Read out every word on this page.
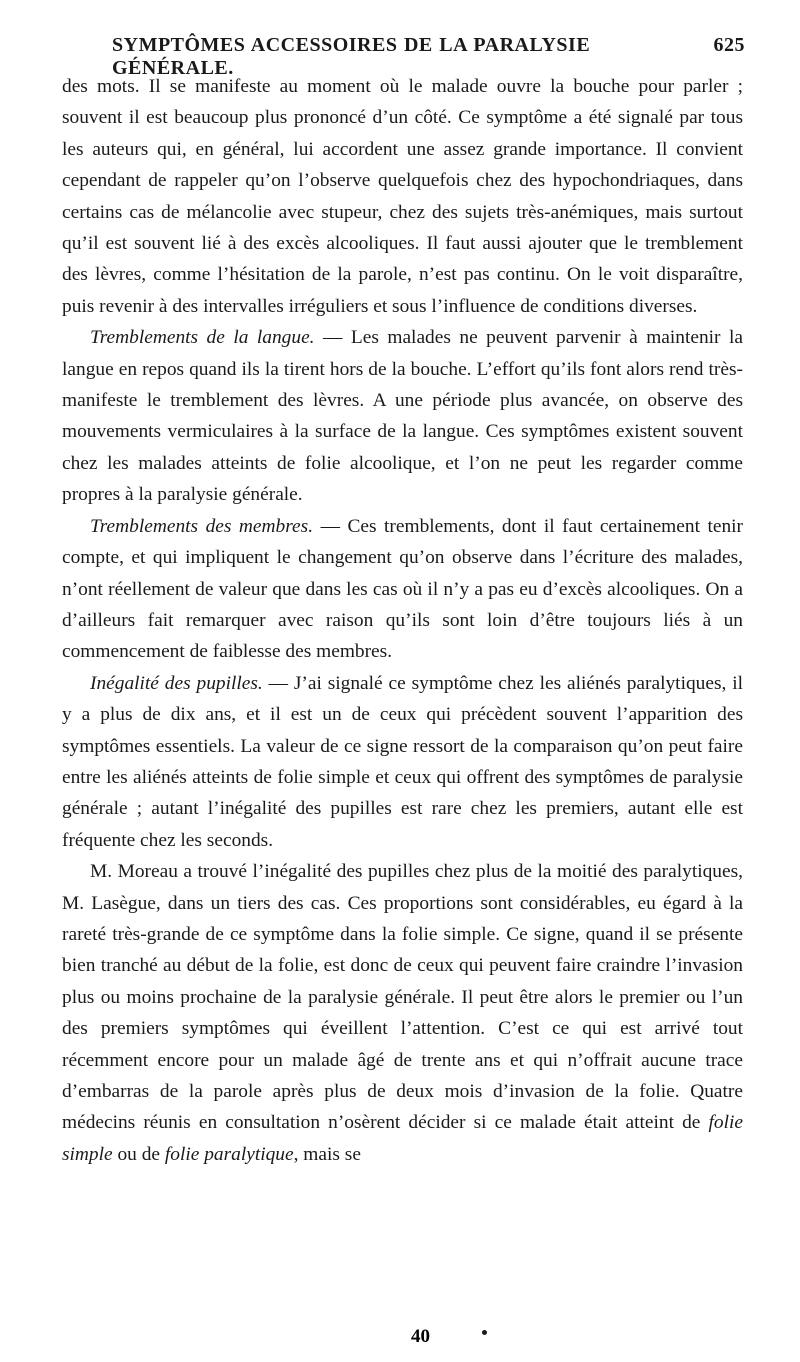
SYMPTÔMES ACCESSOIRES DE LA PARALYSIE GÉNÉRALE.
625

des mots. Il se manifeste au moment où le malade ouvre la bouche pour parler ; souvent il est beaucoup plus prononcé d’un côté. Ce symptôme a été signalé par tous les auteurs qui, en général, lui accordent une assez grande importance. Il convient cependant de rappeler qu’on l’observe quelquefois chez des hypochondriaques, dans certains cas de mélancolie avec stupeur, chez des sujets très-anémiques, mais surtout qu’il est souvent lié à des excès alcooliques. Il faut aussi ajouter que le tremblement des lèvres, comme l’hésitation de la parole, n’est pas continu. On le voit disparaître, puis revenir à des intervalles irréguliers et sous l’influence de conditions diverses.

Tremblements de la langue. — Les malades ne peuvent parvenir à maintenir la langue en repos quand ils la tirent hors de la bouche. L’effort qu’ils font alors rend très-manifeste le tremblement des lèvres. A une période plus avancée, on observe des mouvements vermiculaires à la surface de la langue. Ces symptômes existent souvent chez les malades atteints de folie alcoolique, et l’on ne peut les regarder comme propres à la paralysie générale.

Tremblements des membres. — Ces tremblements, dont il faut certainement tenir compte, et qui impliquent le changement qu’on observe dans l’écriture des malades, n’ont réellement de valeur que dans les cas où il n’y a pas eu d’excès alcooliques. On a d’ailleurs fait remarquer avec raison qu’ils sont loin d’être toujours liés à un commencement de faiblesse des membres.

Inégalité des pupilles. — J’ai signalé ce symptôme chez les aliénés paralytiques, il y a plus de dix ans, et il est un de ceux qui précèdent souvent l’apparition des symptômes essentiels. La valeur de ce signe ressort de la comparaison qu’on peut faire entre les aliénés atteints de folie simple et ceux qui offrent des symptômes de paralysie générale ; autant l’inégalité des pupilles est rare chez les premiers, autant elle est fréquente chez les seconds.

M. Moreau a trouvé l’inégalité des pupilles chez plus de la moitié des paralytiques, M. Lasègue, dans un tiers des cas. Ces proportions sont considérables, eu égard à la rareté très-grande de ce symptôme dans la folie simple. Ce signe, quand il se présente bien tranché au début de la folie, est donc de ceux qui peuvent faire craindre l’invasion plus ou moins prochaine de la paralysie générale. Il peut être alors le premier ou l’un des premiers symptômes qui éveillent l’attention. C’est ce qui est arrivé tout récemment encore pour un malade âgé de trente ans et qui n’offrait aucune trace d’embarras de la parole après plus de deux mois d’invasion de la folie. Quatre médecins réunis en consultation n’osèrent décider si ce malade était atteint de folie simple ou de folie paralytique, mais se

40
